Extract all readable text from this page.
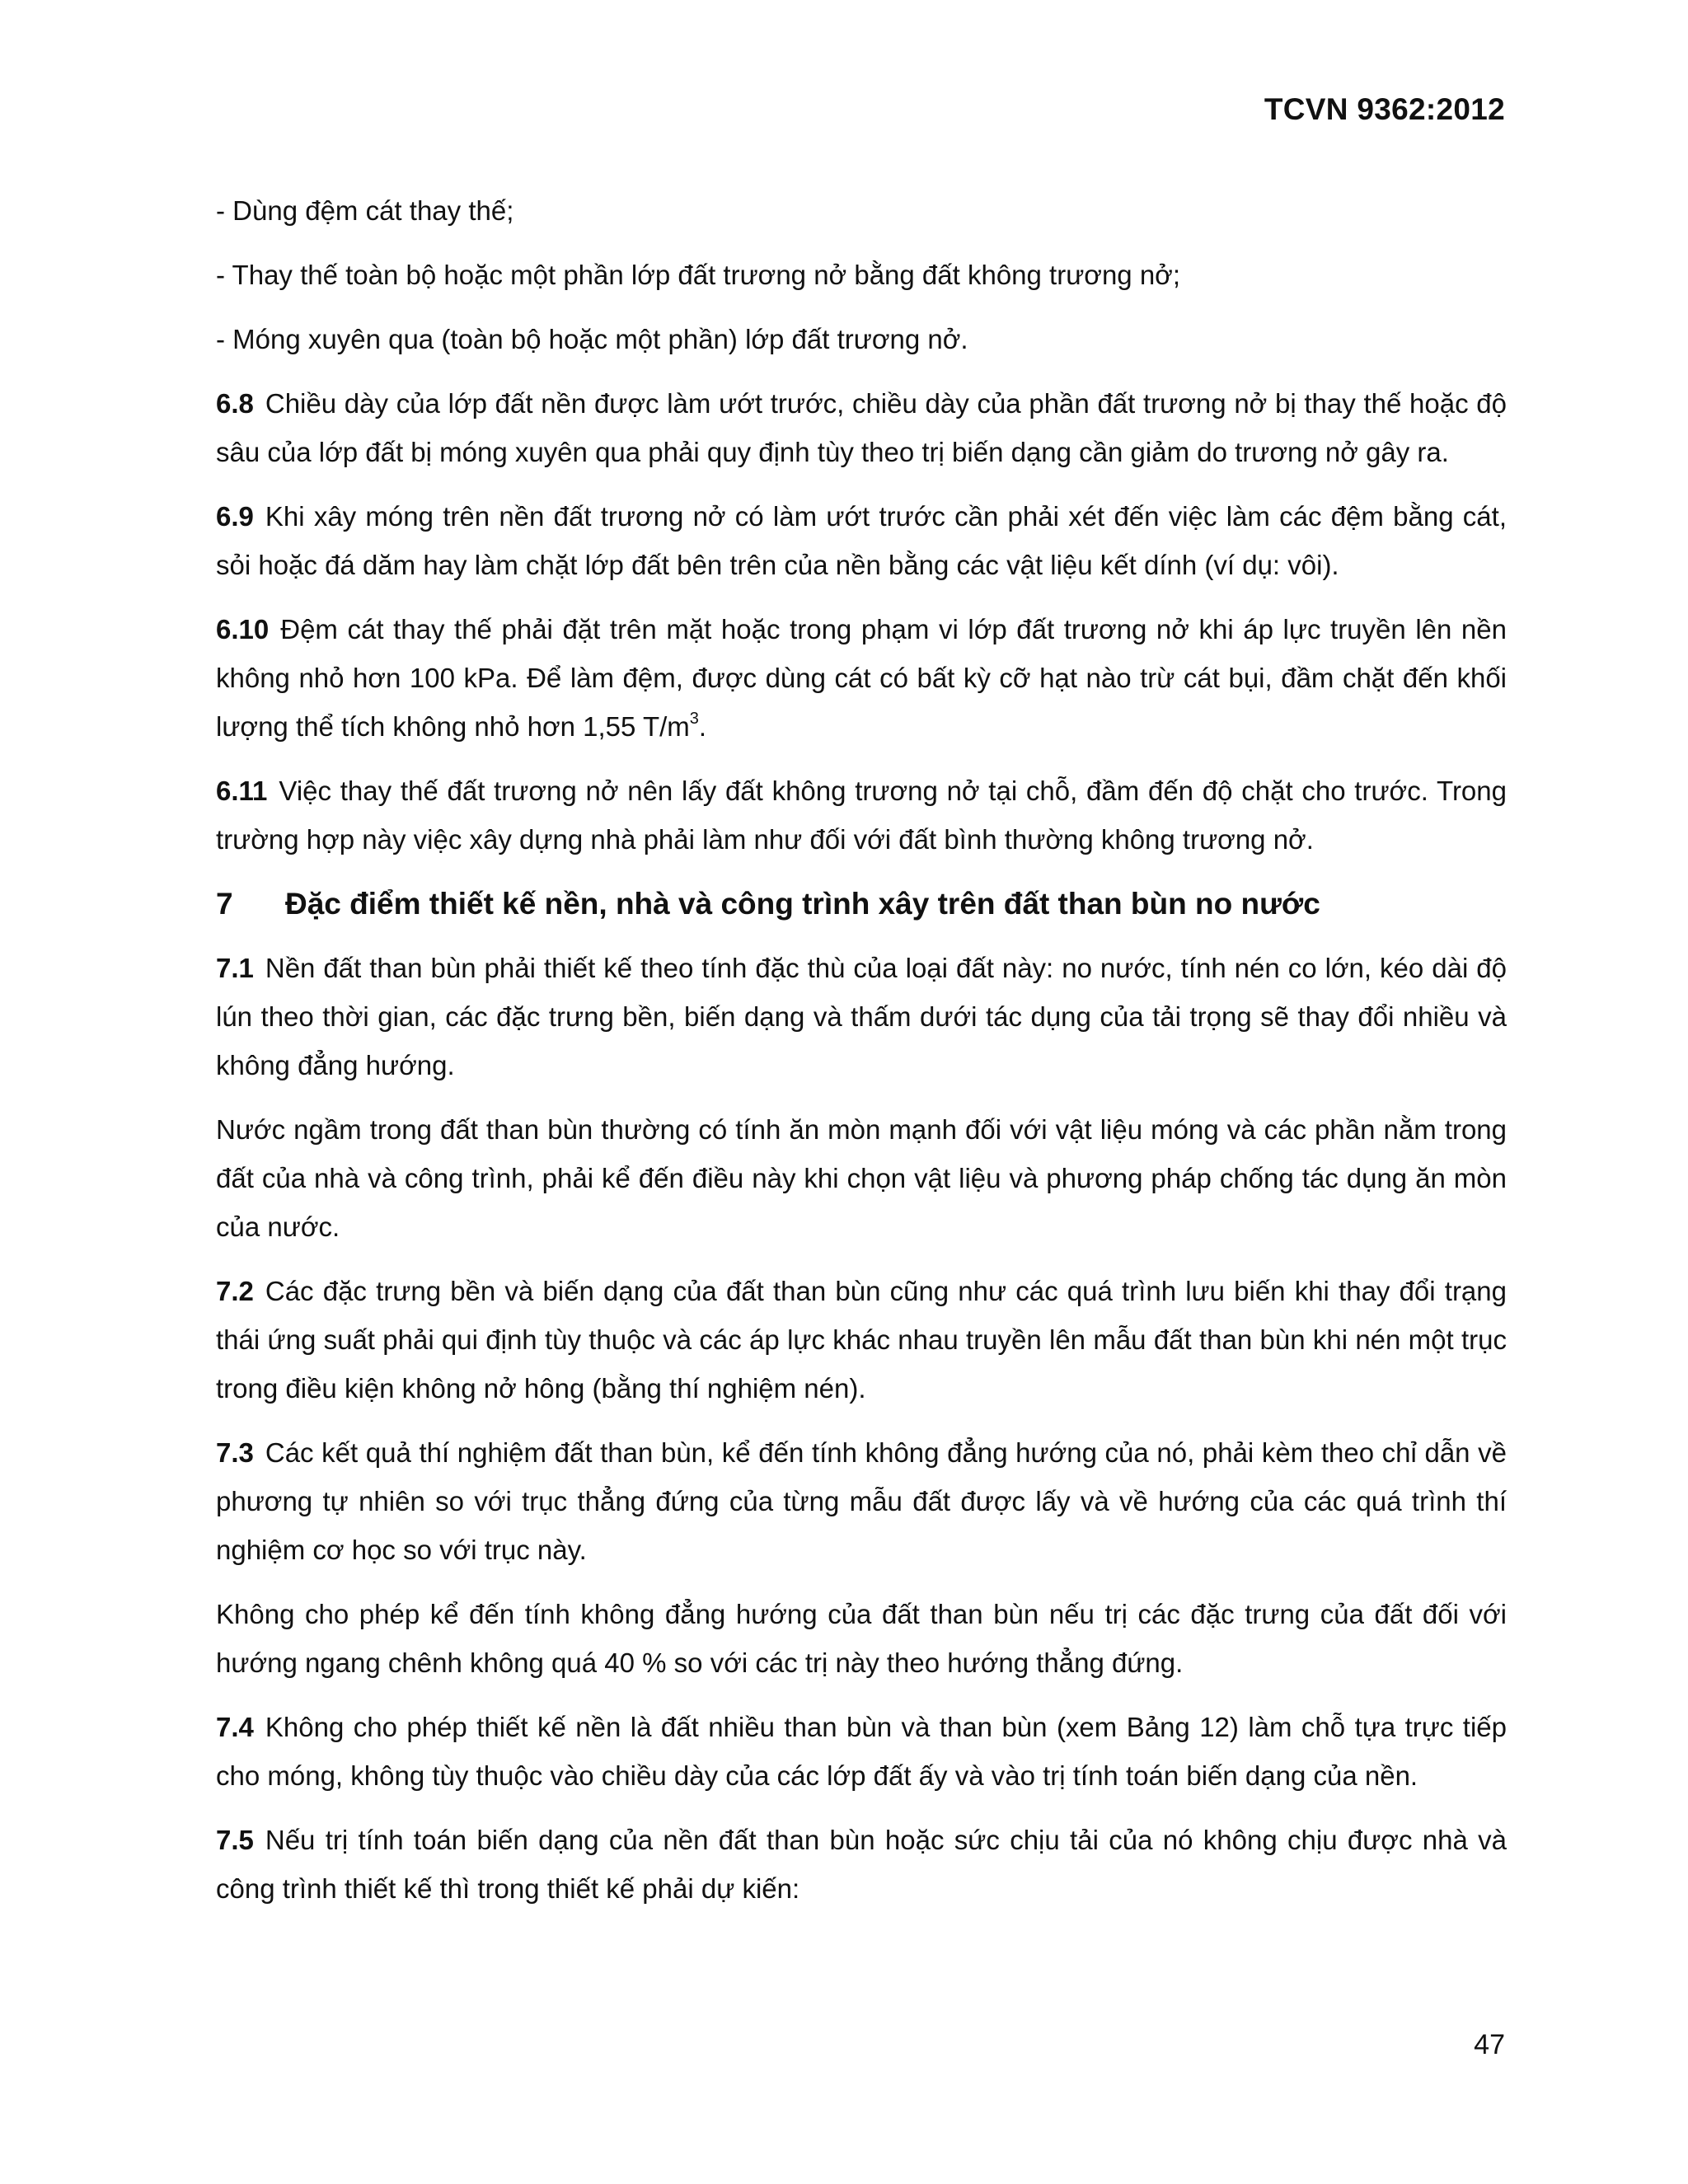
TCVN 9362:2012
- Dùng đệm cát thay thế;
- Thay thế toàn bộ hoặc một phần lớp đất trương nở bằng đất không trương nở;
- Móng xuyên qua (toàn bộ hoặc một phần) lớp đất trương nở.

6.8 Chiều dày của lớp đất nền được làm ướt trước, chiều dày của phần đất trương nở bị thay thế hoặc độ sâu của lớp đất bị móng xuyên qua phải quy định tùy theo trị biến dạng cần giảm do trương nở gây ra.

6.9 Khi xây móng trên nền đất trương nở có làm ướt trước cần phải xét đến việc làm các đệm bằng cát, sỏi hoặc đá dăm hay làm chặt lớp đất bên trên của nền bằng các vật liệu kết dính (ví dụ: vôi).

6.10 Đệm cát thay thế phải đặt trên mặt hoặc trong phạm vi lớp đất trương nở khi áp lực truyền lên nền không nhỏ hơn 100 kPa. Để làm đệm, được dùng cát có bất kỳ cỡ hạt nào trừ cát bụi, đầm chặt đến khối lượng thể tích không nhỏ hơn 1,55 $T/m^3$.

6.11 Việc thay thế đất trương nở nên lấy đất không trương nở tại chỗ, đầm đến độ chặt cho trước. Trong trường hợp này việc xây dựng nhà phải làm như đối với đất bình thường không trương nở.

7 Đặc điểm thiết kế nền, nhà và công trình xây trên đất than bùn no nước

7.1 Nền đất than bùn phải thiết kế theo tính đặc thù của loại đất này: no nước, tính nén co lớn, kéo dài độ lún theo thời gian, các đặc trưng bền, biến dạng và thấm dưới tác dụng của tải trọng sẽ thay đổi nhiều và không đẳng hướng.

Nước ngầm trong đất than bùn thường có tính ăn mòn mạnh đối với vật liệu móng và các phần nằm trong đất của nhà và công trình, phải kể đến điều này khi chọn vật liệu và phương pháp chống tác dụng ăn mòn của nước.

7.2 Các đặc trưng bền và biến dạng của đất than bùn cũng như các quá trình lưu biến khi thay đổi trạng thái ứng suất phải qui định tùy thuộc và các áp lực khác nhau truyền lên mẫu đất than bùn khi nén một trục trong điều kiện không nở hông (bằng thí nghiệm nén).

7.3 Các kết quả thí nghiệm đất than bùn, kể đến tính không đẳng hướng của nó, phải kèm theo chỉ dẫn về phương tự nhiên so với trục thẳng đứng của từng mẫu đất được lấy và về hướng của các quá trình thí nghiệm cơ học so với trục này.

Không cho phép kể đến tính không đẳng hướng của đất than bùn nếu trị các đặc trưng của đất đối với hướng ngang chênh không quá 40 % so với các trị này theo hướng thẳng đứng.

7.4 Không cho phép thiết kế nền là đất nhiều than bùn và than bùn (xem Bảng 12) làm chỗ tựa trực tiếp cho móng, không tùy thuộc vào chiều dày của các lớp đất ấy và vào trị tính toán biến dạng của nền.

7.5 Nếu trị tính toán biến dạng của nền đất than bùn hoặc sức chịu tải của nó không chịu được nhà và công trình thiết kế thì trong thiết kế phải dự kiến:

47
